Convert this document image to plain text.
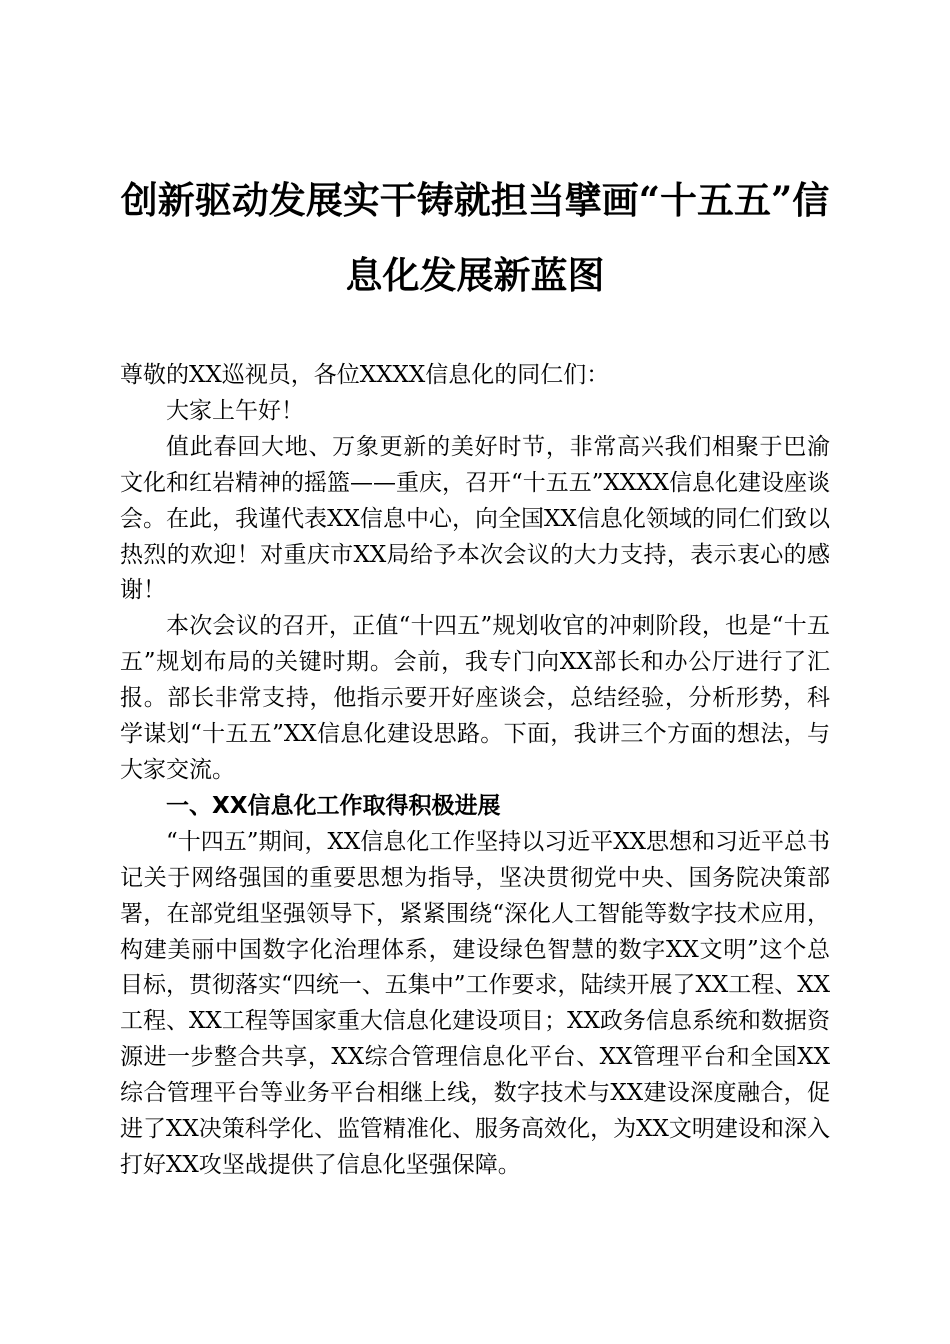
创新驱动发展实干铸就担当擘画“十五五”信
息化发展新蓝图

尊敬的XX巡视员，各位XXXX信息化的同仁们：

大家上午好！

值此春回大地、万象更新的美好时节，非常高兴我们相聚于巴渝文化和红岩精神的摇篮——重庆，召开“十五五”XXXX信息化建设座谈会。在此，我谨代表XX信息中心，向全国XX信息化领域的同仁们致以热烈的欢迎！对重庆市XX局给予本次会议的大力支持，表示衷心的感谢！

本次会议的召开，正值“十四五”规划收官的冲刺阶段，也是“十五五”规划布局的关键时期。会前，我专门向XX部长和办公厅进行了汇报。部长非常支持，他指示要开好座谈会，总结经验，分析形势，科学谋划“十五五”XX信息化建设思路。下面，我讲三个方面的想法，与大家交流。

一、XX信息化工作取得积极进展

“十四五”期间，XX信息化工作坚持以习近平XX思想和习近平总书记关于网络强国的重要思想为指导，坚决贯彻党中央、国务院决策部署，在部党组坚强领导下，紧紧围绕“深化人工智能等数字技术应用，构建美丽中国数字化治理体系，建设绿色智慧的数字XX文明”这个总目标，贯彻落实“四统一、五集中”工作要求，陆续开展了XX工程、XX工程、XX工程等国家重大信息化建设项目；XX政务信息系统和数据资源进一步整合共享，XX综合管理信息化平台、XX管理平台和全国XX综合管理平台等业务平台相继上线，数字技术与XX建设深度融合，促进了XX决策科学化、监管精准化、服务高效化，为XX文明建设和深入打好XX攻坚战提供了信息化坚强保障。
